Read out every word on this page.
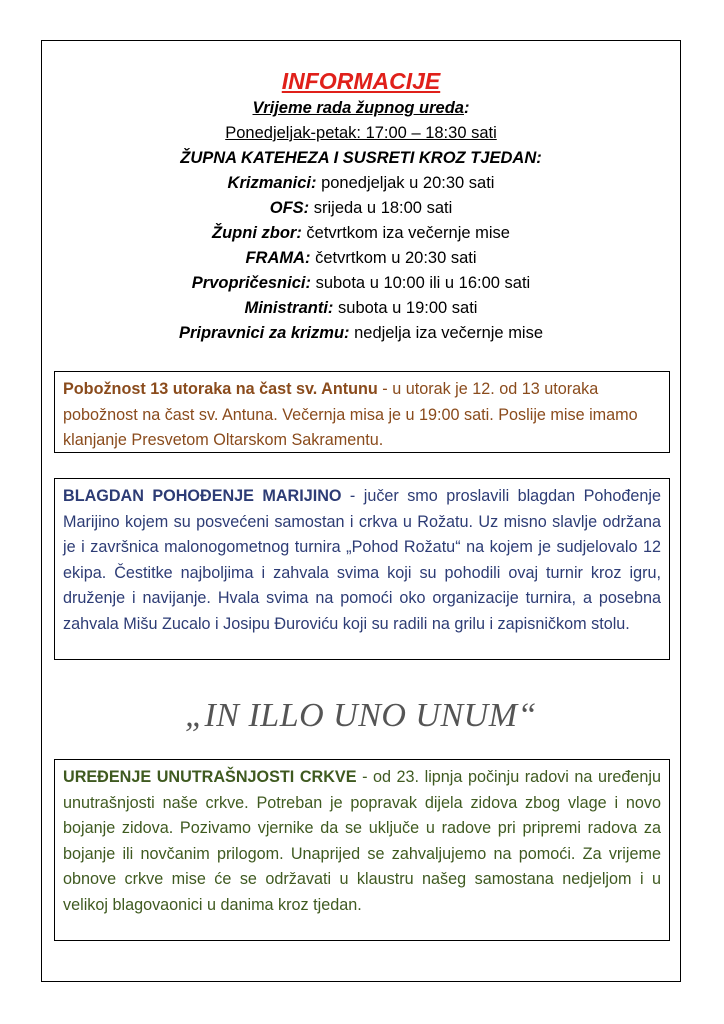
INFORMACIJE

Vrijeme rada župnog ureda:

Ponedjeljak-petak: 17:00 – 18:30 sati

ŽUPNA KATEHEZA I SUSRETI KROZ TJEDAN:

Krizmanici: ponedjeljak u 20:30 sati

OFS: srijeda u 18:00 sati

Župni zbor: četvrtkom iza večernje mise

FRAMA: četvrtkom u 20:30 sati

Prvopričesnici: subota u 10:00 ili u 16:00 sati

Ministranti: subota u 19:00 sati

Pripravnici za krizmu: nedjelja iza večernje mise

Pobožnost 13 utoraka na čast sv. Antunu - u utorak je 12. od 13 utoraka pobožnost na čast sv. Antuna. Večernja misa je u 19:00 sati. Poslije mise imamo klanjanje Presvetom Oltarskom Sakramentu.
BLAGDAN POHOĐENJE MARIJINO - jučer smo proslavili blagdan Pohođenje Marijino kojem su posvećeni samostan i crkva u Rožatu. Uz misno slavlje održana je i završnica malonogometnog turnira „Pohod Rožatu“ na kojem je sudjelovalo 12 ekipa. Čestitke najboljima i zahvala svima koji su pohodili ovaj turnir kroz igru, druženje i navijanje. Hvala svima na pomoći oko organizacije turnira, a posebna zahvala Mišu Zucalo i Josipu Đuroviću koji su radili na grilu i zapisničkom stolu.

„IN ILLO UNO UNUM“

UREĐENJE UNUTRAŠNJOSTI CRKVE - od 23. lipnja počinju radovi na uređenju unutrašnjosti naše crkve. Potreban je popravak dijela zidova zbog vlage i novo bojanje zidova. Pozivamo vjernike da se uključe u radove pri pripremi radova za bojanje ili novčanim prilogom. Unaprijed se zahvaljujemo na pomoći. Za vrijeme obnove crkve mise će se održavati u klaustru našeg samostana nedjeljom i u velikoj blagovaonici u danima kroz tjedan.
